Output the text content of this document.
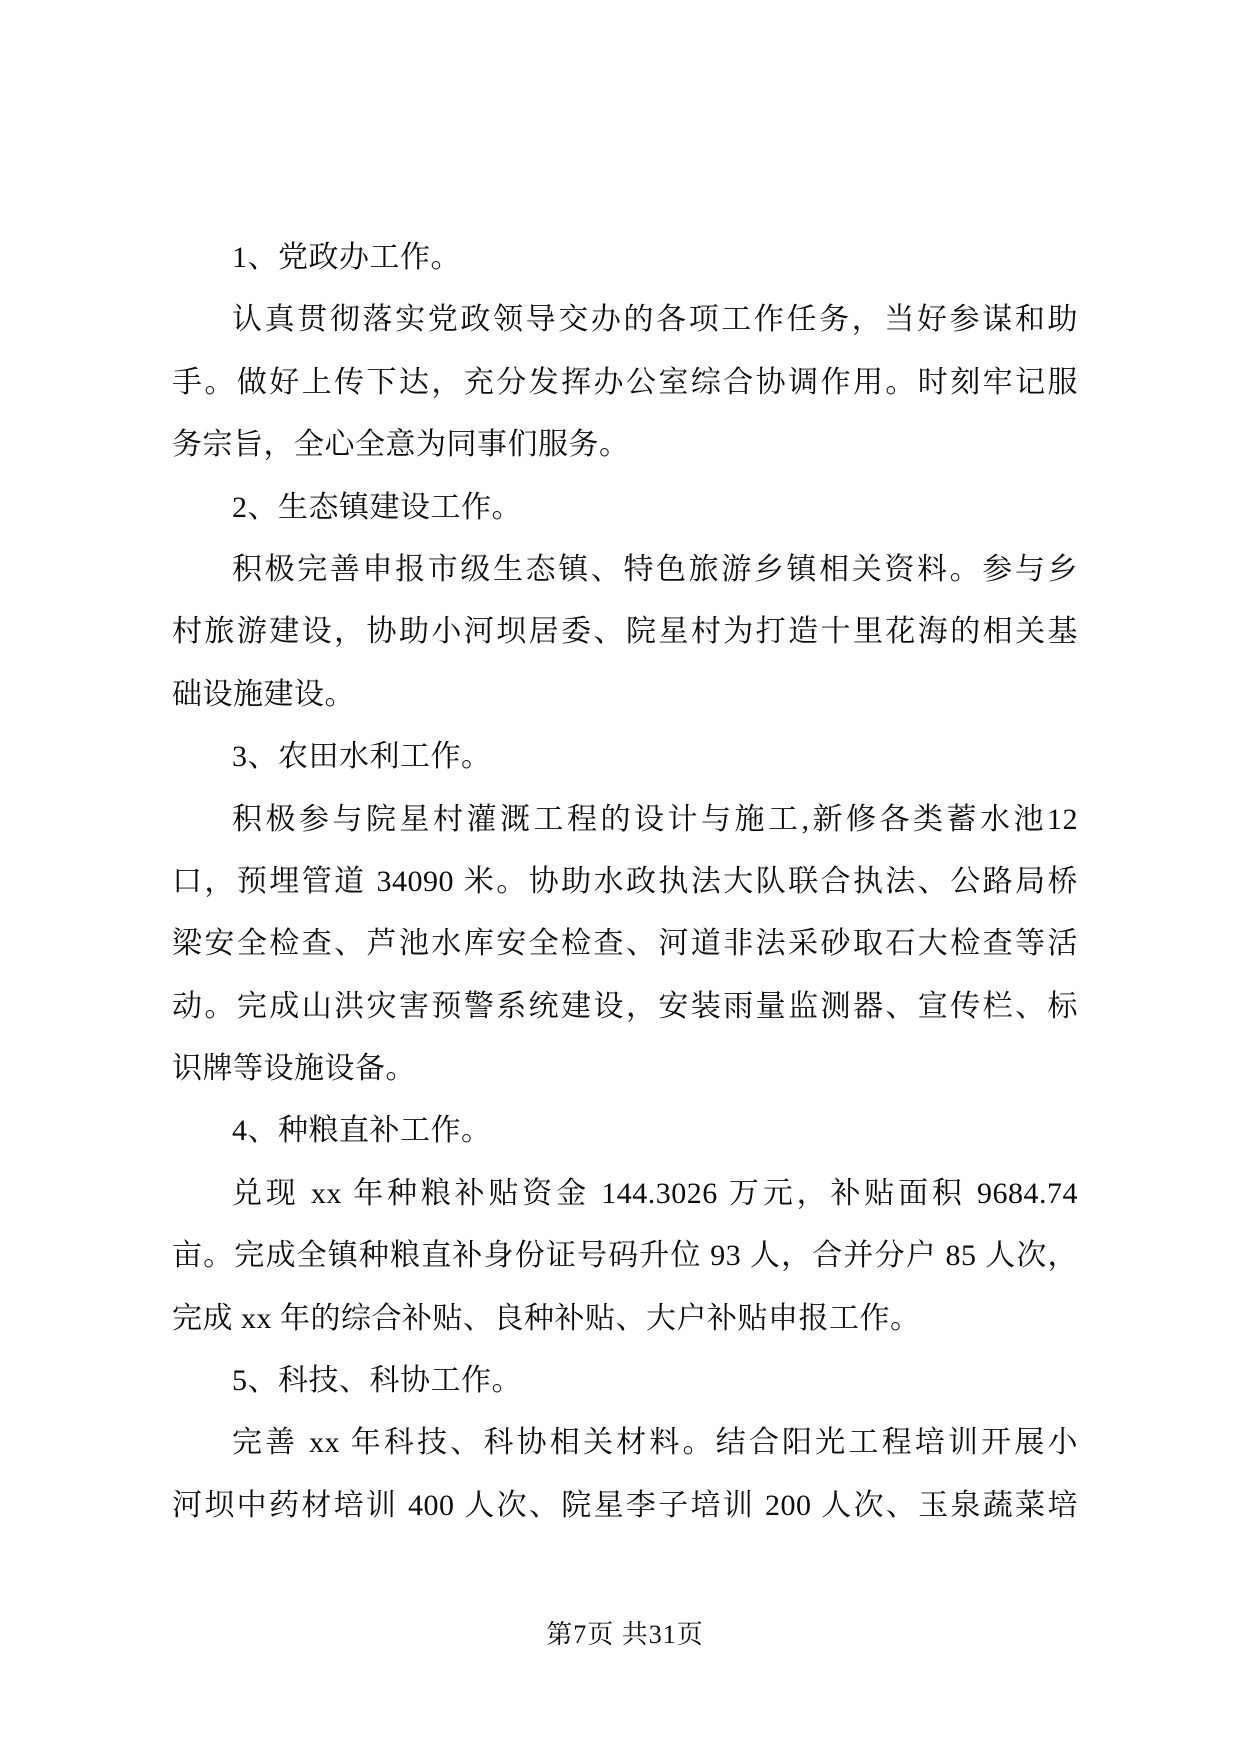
1、党政办工作。
认真贯彻落实党政领导交办的各项工作任务，当好参谋和助
手。做好上传下达，充分发挥办公室综合协调作用。时刻牢记服
务宗旨，全心全意为同事们服务。
2、生态镇建设工作。
积极完善申报市级生态镇、特色旅游乡镇相关资料。参与乡
村旅游建设，协助小河坝居委、院星村为打造十里花海的相关基
础设施建设。
3、农田水利工作。
积极参与院星村灌溉工程的设计与施工,新修各类蓄水池12
口，预埋管道 34090 米。协助水政执法大队联合执法、公路局桥
梁安全检查、芦池水库安全检查、河道非法采砂取石大检查等活
动。完成山洪灾害预警系统建设，安装雨量监测器、宣传栏、标
识牌等设施设备。
4、种粮直补工作。
兑现 xx 年种粮补贴资金 144.3026 万元，补贴面积 9684.74
亩。完成全镇种粮直补身份证号码升位 93 人，合并分户 85 人次，
完成 xx 年的综合补贴、良种补贴、大户补贴申报工作。
5、科技、科协工作。
完善 xx 年科技、科协相关材料。结合阳光工程培训开展小
河坝中药材培训 400 人次、院星李子培训 200 人次、玉泉蔬菜培
第7页 共31页
